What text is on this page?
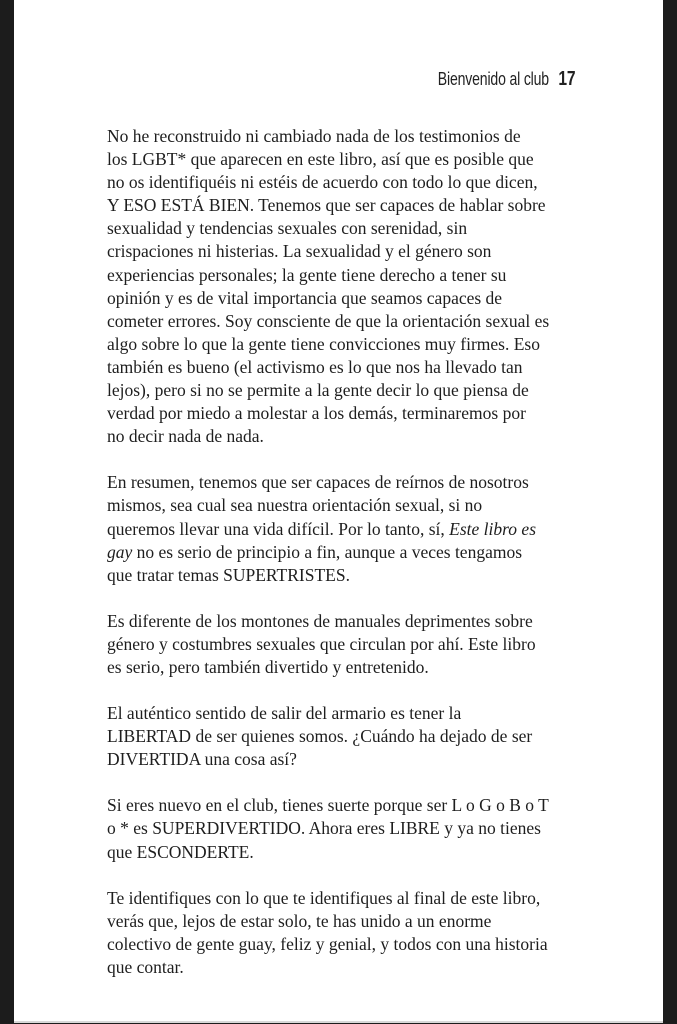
Bienvenido al club 17

No he reconstruido ni cambiado nada de los testimonios de
los LGBT* que aparecen en este libro, así que es posible que
no os identifiquéis ni estéis de acuerdo con todo lo que dicen,
Y ESO ESTÁ BIEN. Tenemos que ser capaces de hablar sobre
sexualidad y tendencias sexuales con serenidad, sin
crispaciones ni histerias. La sexualidad y el género son
experiencias personales; la gente tiene derecho a tener su
opinión y es de vital importancia que seamos capaces de
cometer errores. Soy consciente de que la orientación sexual es
algo sobre lo que la gente tiene convicciones muy firmes. Eso
también es bueno (el activismo es lo que nos ha llevado tan
lejos), pero si no se permite a la gente decir lo que piensa de
verdad por miedo a molestar a los demás, terminaremos por
no decir nada de nada.

En resumen, tenemos que ser capaces de reírnos de nosotros
mismos, sea cual sea nuestra orientación sexual, si no
queremos llevar una vida difícil. Por lo tanto, sí, Este libro es
gay no es serio de principio a fin, aunque a veces tengamos
que tratar temas SUPERTRISTES.

Es diferente de los montones de manuales deprimentes sobre
género y costumbres sexuales que circulan por ahí. Este libro
es serio, pero también divertido y entretenido.

El auténtico sentido de salir del armario es tener la
LIBERTAD de ser quienes somos. ¿Cuándo ha dejado de ser
DIVERTIDA una cosa así?

Si eres nuevo en el club, tienes suerte porque ser L o G o B o T
o * es SUPERDIVERTIDO. Ahora eres LIBRE y ya no tienes
que ESCONDERTE.

Te identifiques con lo que te identifiques al final de este libro,
verás que, lejos de estar solo, te has unido a un enorme
colectivo de gente guay, feliz y genial, y todos con una historia
que contar.
